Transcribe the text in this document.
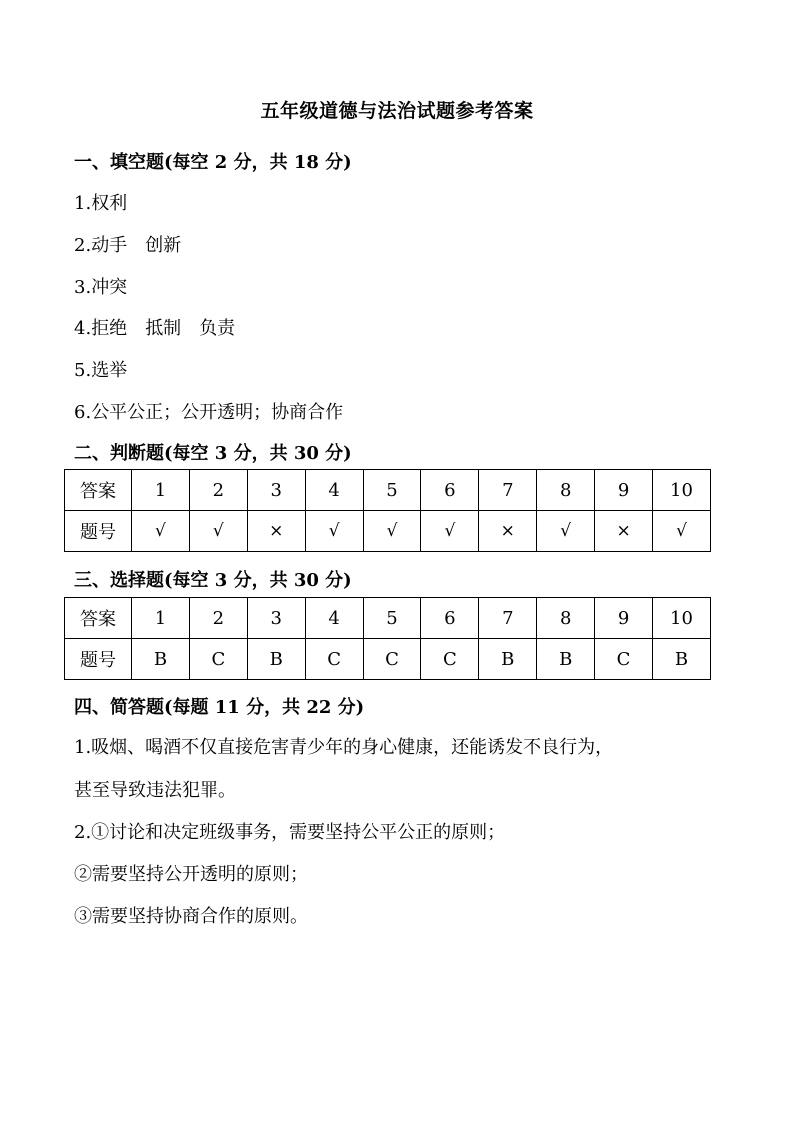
五年级道德与法治试题参考答案
一、填空题(每空 2 分，共 18 分)
1.权利
2.动手 创新
3.冲突
4.拒绝 抵制 负责
5.选举
6.公平公正；公开透明；协商合作
二、判断题(每空 3 分，共 30 分)
答案	1	2	3	4	5	6	7	8	9	10
题号	√	√	×	√	√	√	×	√	×	√
三、选择题(每空 3 分，共 30 分)
答案	1	2	3	4	5	6	7	8	9	10
题号	B	C	B	C	C	C	B	B	C	B
四、简答题(每题 11 分，共 22 分)
1.吸烟、喝酒不仅直接危害青少年的身心健康，还能诱发不良行为，
甚至导致违法犯罪。
2.①讨论和决定班级事务，需要坚持公平公正的原则；
②需要坚持公开透明的原则；
③需要坚持协商合作的原则。
